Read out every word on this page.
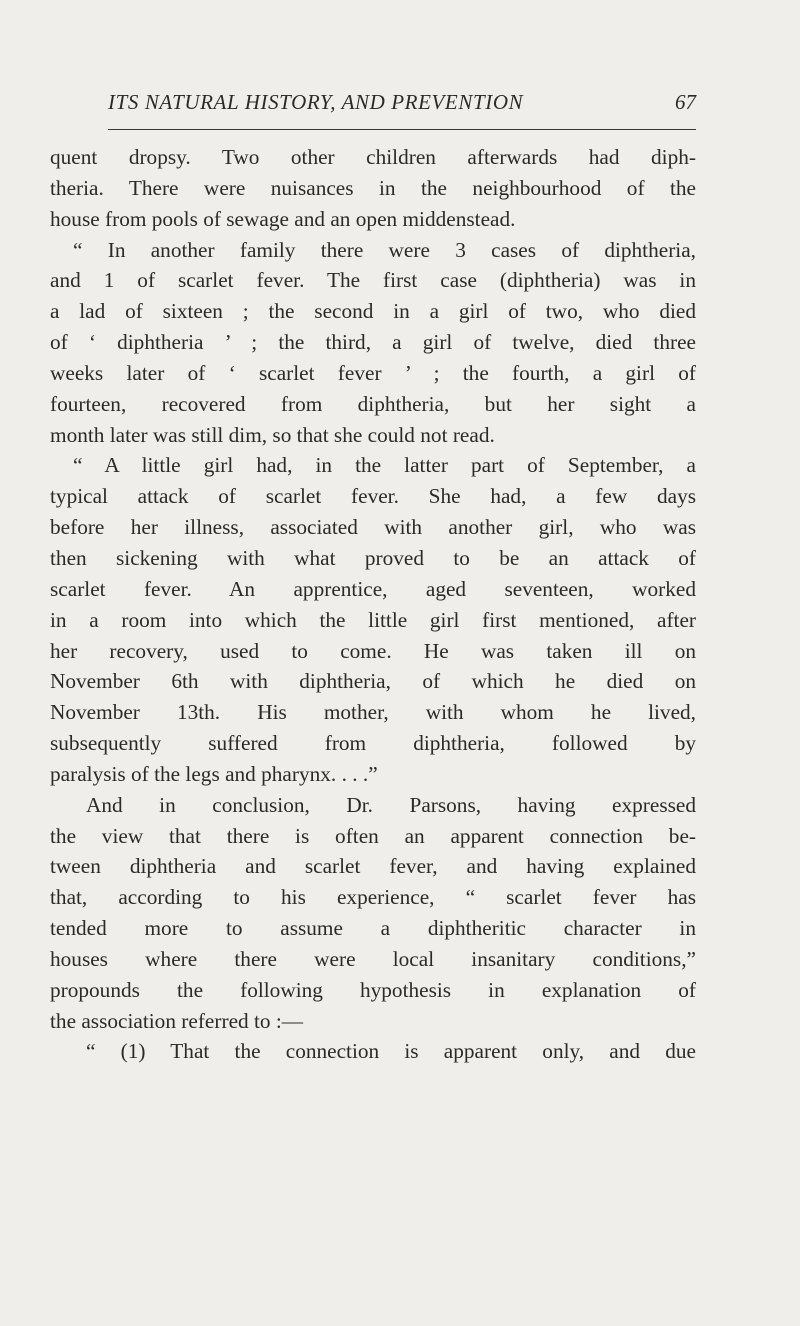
ITS NATURAL HISTORY, AND PREVENTION	67
quent dropsy. Two other children afterwards had diph-
theria. There were nuisances in the neighbourhood of the
house from pools of sewage and an open middenstead.
“ In another family there were 3 cases of diphtheria,
and 1 of scarlet fever. The first case (diphtheria) was in
a lad of sixteen ; the second in a girl of two, who died
of ‘ diphtheria ’ ; the third, a girl of twelve, died three
weeks later of ‘ scarlet fever ’ ; the fourth, a girl of
fourteen, recovered from diphtheria, but her sight a
month later was still dim, so that she could not read.
“ A little girl had, in the latter part of September, a
typical attack of scarlet fever. She had, a few days
before her illness, associated with another girl, who was
then sickening with what proved to be an attack of
scarlet fever. An apprentice, aged seventeen, worked
in a room into which the little girl first mentioned, after
her recovery, used to come. He was taken ill on
November 6th with diphtheria, of which he died on
November 13th. His mother, with whom he lived,
subsequently suffered from diphtheria, followed by
paralysis of the legs and pharynx. . . .”
And in conclusion, Dr. Parsons, having expressed
the view that there is often an apparent connection be-
tween diphtheria and scarlet fever, and having explained
that, according to his experience, “ scarlet fever has
tended more to assume a diphtheritic character in
houses where there were local insanitary conditions,”
propounds the following hypothesis in explanation of
the association referred to :—
“ (1) That the connection is apparent only, and due
